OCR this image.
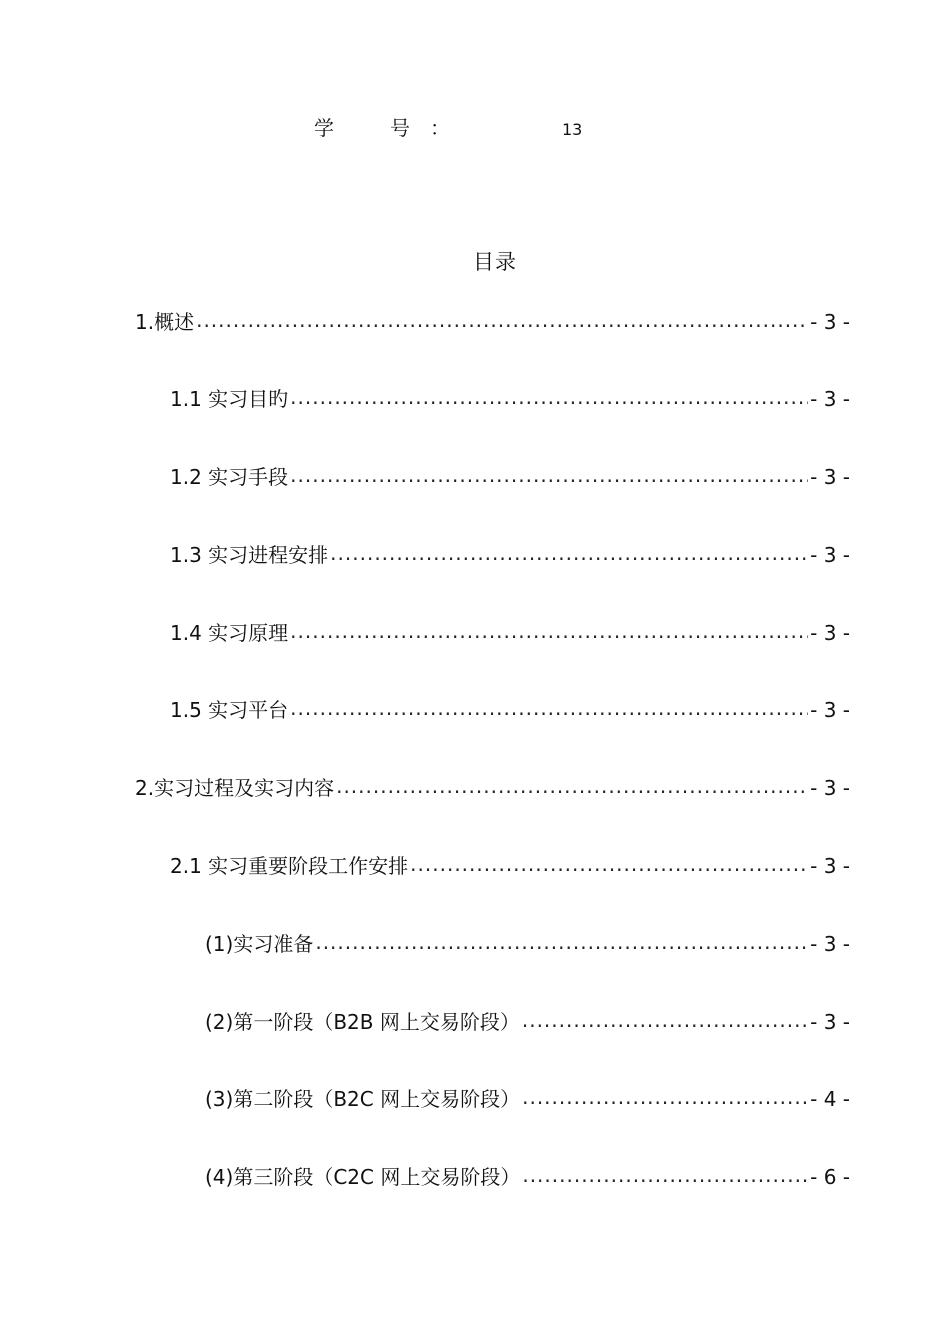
学	号 ：	13
目录
1.概述 .....	- 3 -
1.1 实习目旳 .....	- 3 -
1.2 实习手段 .....	- 3 -
1.3 实习进程安排 .....	- 3 -
1.4 实习原理 .....	- 3 -
1.5 实习平台 .....	- 3 -
2.实习过程及实习内容 .....	- 3 -
2.1 实习重要阶段工作安排 .....	- 3 -
(1)实习准备 .....	- 3 -
(2)第一阶段（B2B 网上交易阶段） .....	- 3 -
(3)第二阶段（B2C 网上交易阶段） .....	- 4 -
(4)第三阶段（C2C 网上交易阶段） .....	- 6 -
